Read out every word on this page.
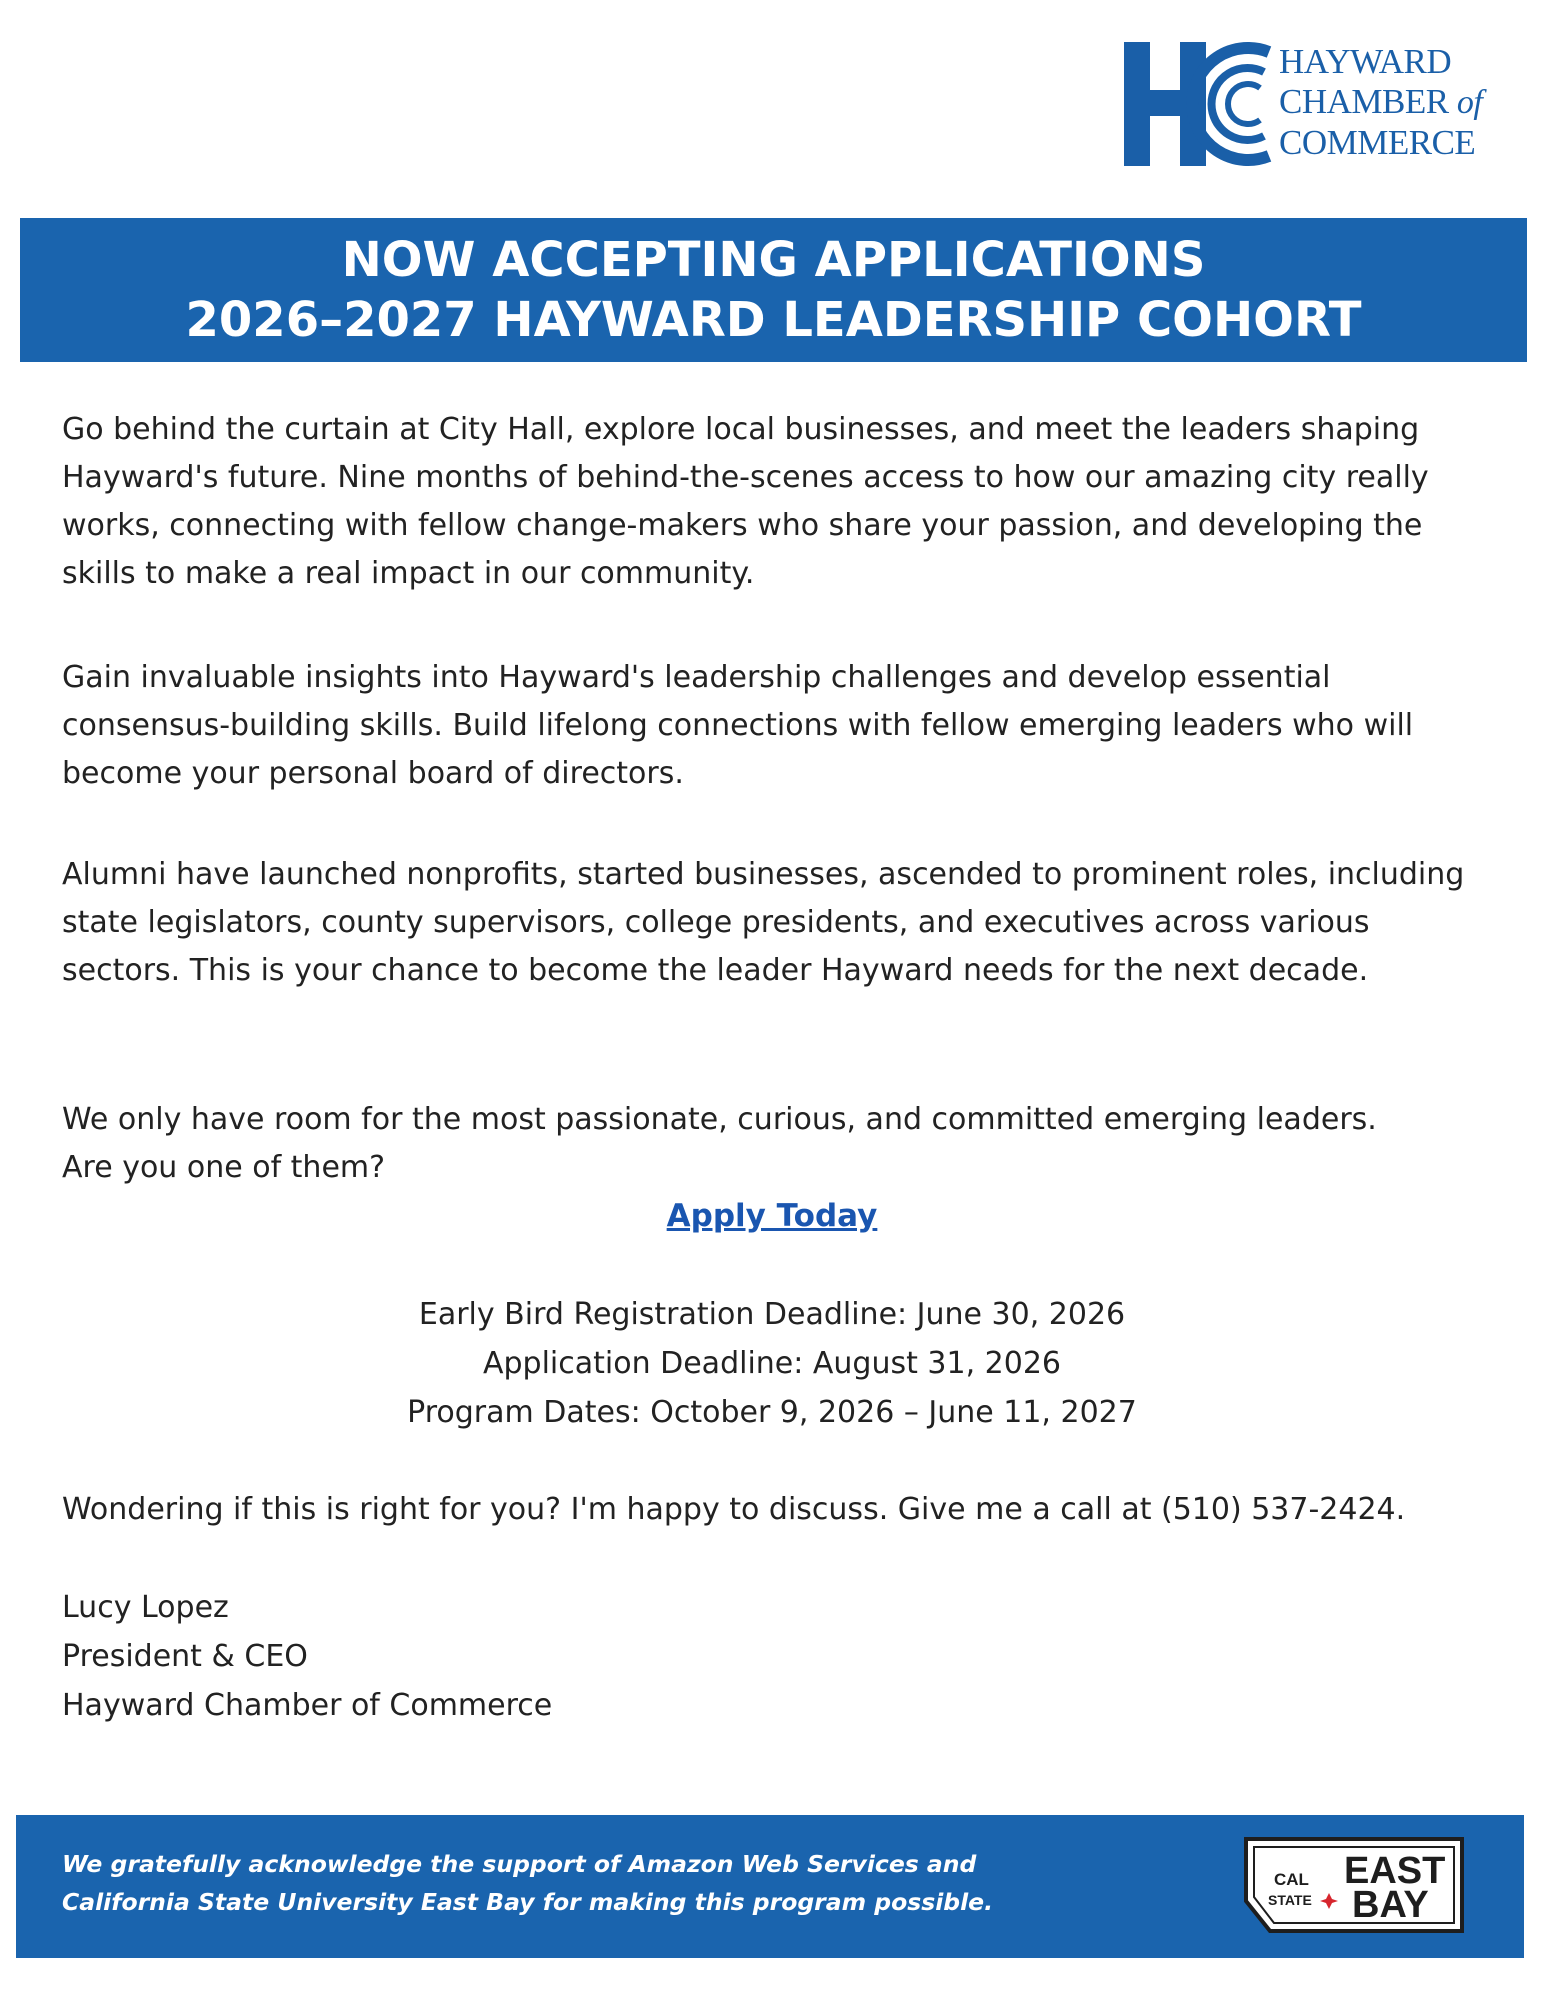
HAYWARD
CHAMBER of
COMMERCE
NOW ACCEPTING APPLICATIONS
2026–2027 HAYWARD LEADERSHIP COHORT

Go behind the curtain at City Hall, explore local businesses, and meet the leaders shaping Hayward's future. Nine months of behind-the-scenes access to how our amazing city really works, connecting with fellow change-makers who share your passion, and developing the skills to make a real impact in our community.

Gain invaluable insights into Hayward's leadership challenges and develop essential consensus-building skills. Build lifelong connections with fellow emerging leaders who will become your personal board of directors.

Alumni have launched nonprofits, started businesses, ascended to prominent roles, including state legislators, county supervisors, college presidents, and executives across various sectors. This is your chance to become the leader Hayward needs for the next decade.

We only have room for the most passionate, curious, and committed emerging leaders.

Are you one of them?

Apply Today
Early Bird Registration Deadline: June 30, 2026
Application Deadline: August 31, 2026
Program Dates: October 9, 2026 – June 11, 2027

Wondering if this is right for you? I'm happy to discuss. Give me a call at (510) 537-2424.

Lucy Lopez
President & CEO
Hayward Chamber of Commerce
We gratefully acknowledge the support of Amazon Web Services and
California State University East Bay for making this program possible.
CAL
STATE
EAST
BAY
